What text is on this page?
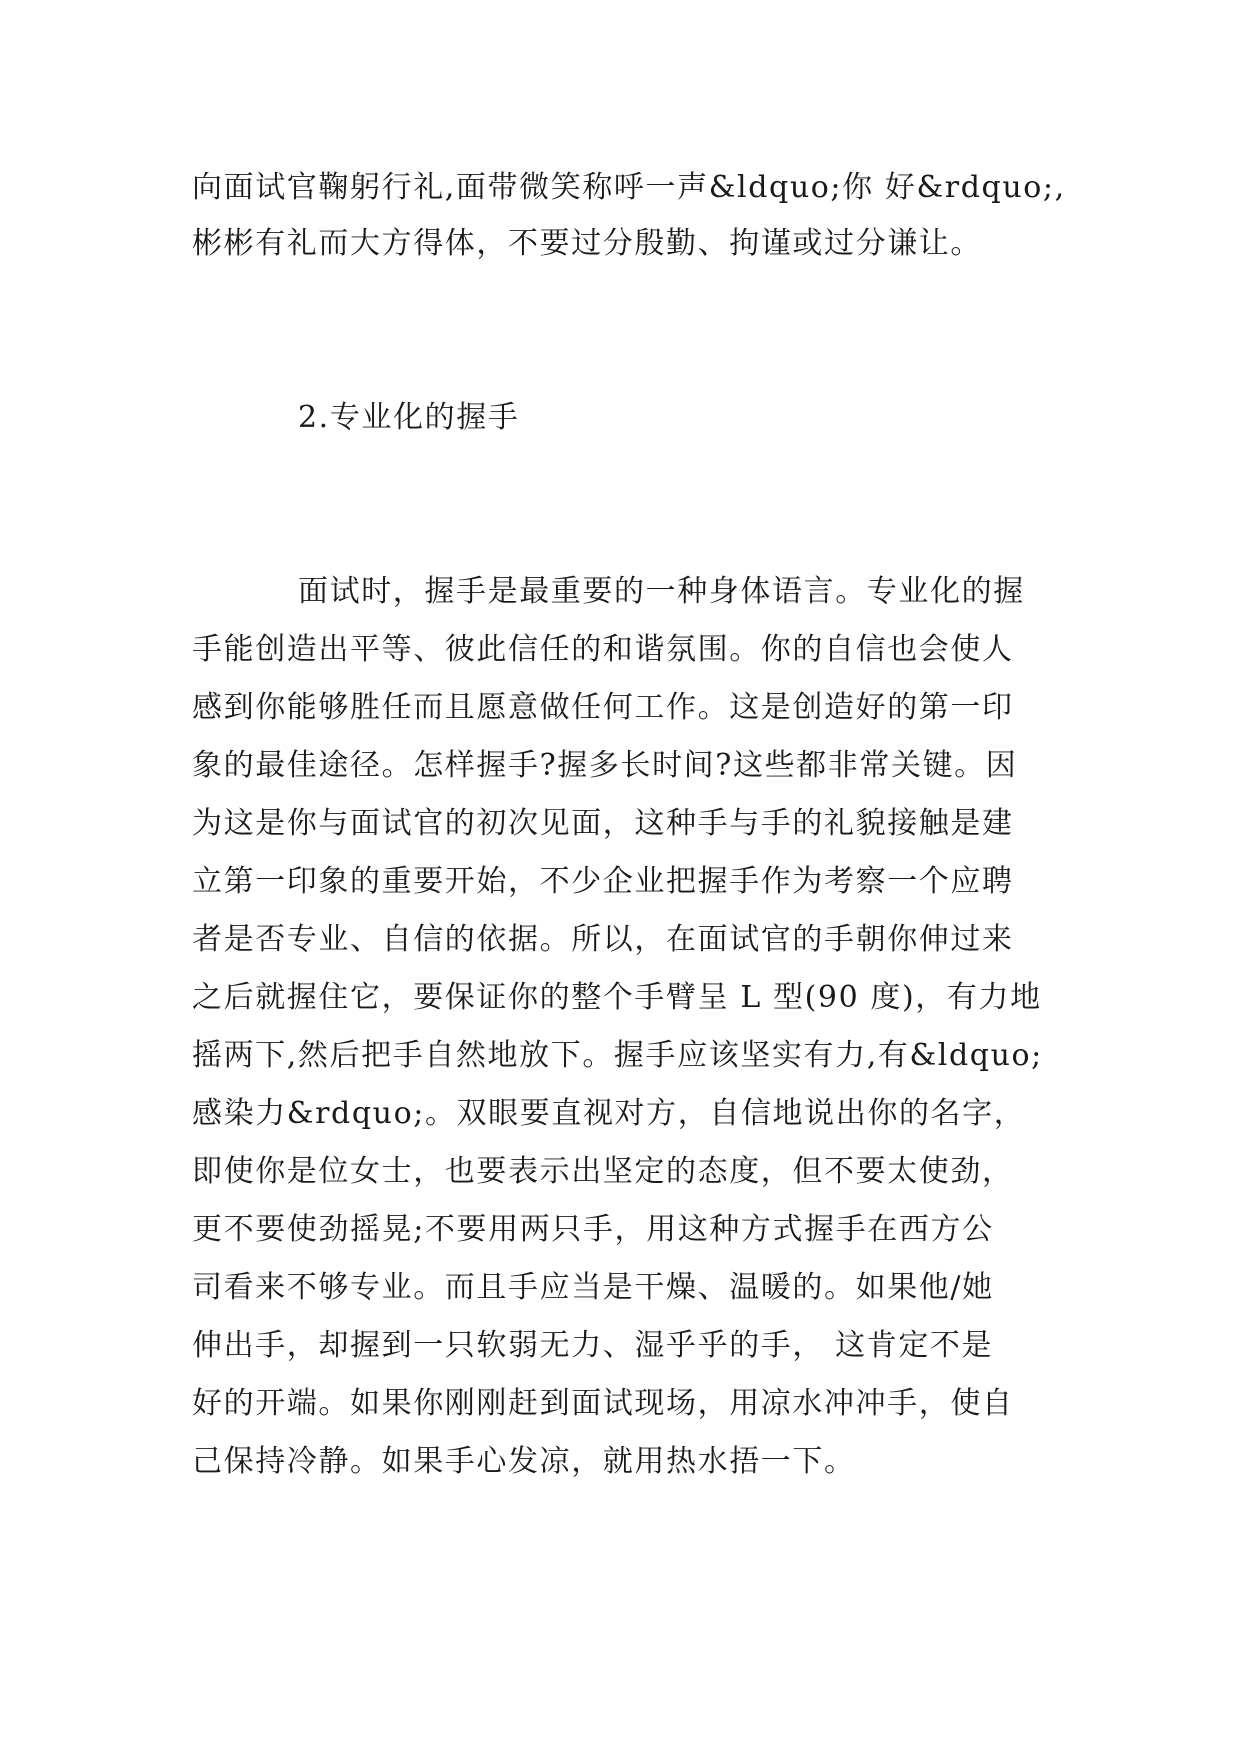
向面试官鞠躬行礼,面带微笑称呼一声&ldquo;你 好&rdquo;,
彬彬有礼而大方得体，不要过分殷勤、拘谨或过分谦让。
2.专业化的握手
面试时，握手是最重要的一种身体语言。专业化的握
手能创造出平等、彼此信任的和谐氛围。你的自信也会使人
感到你能够胜任而且愿意做任何工作。这是创造好的第一印
象的最佳途径。怎样握手?握多长时间?这些都非常关键。因
为这是你与面试官的初次见面，这种手与手的礼貌接触是建
立第一印象的重要开始，不少企业把握手作为考察一个应聘
者是否专业、自信的依据。所以，在面试官的手朝你伸过来
之后就握住它，要保证你的整个手臂呈 L 型(90 度)，有力地
摇两下,然后把手自然地放下。握手应该坚实有力,有&ldquo;
感染力&rdquo;。双眼要直视对方，自信地说出你的名字，
即使你是位女士，也要表示出坚定的态度，但不要太使劲，
更不要使劲摇晃;不要用两只手，用这种方式握手在西方公
司看来不够专业。而且手应当是干燥、温暖的。如果他/她
伸出手，却握到一只软弱无力、湿乎乎的手， 这肯定不是
好的开端。如果你刚刚赶到面试现场，用凉水冲冲手，使自
己保持冷静。如果手心发凉，就用热水捂一下。
